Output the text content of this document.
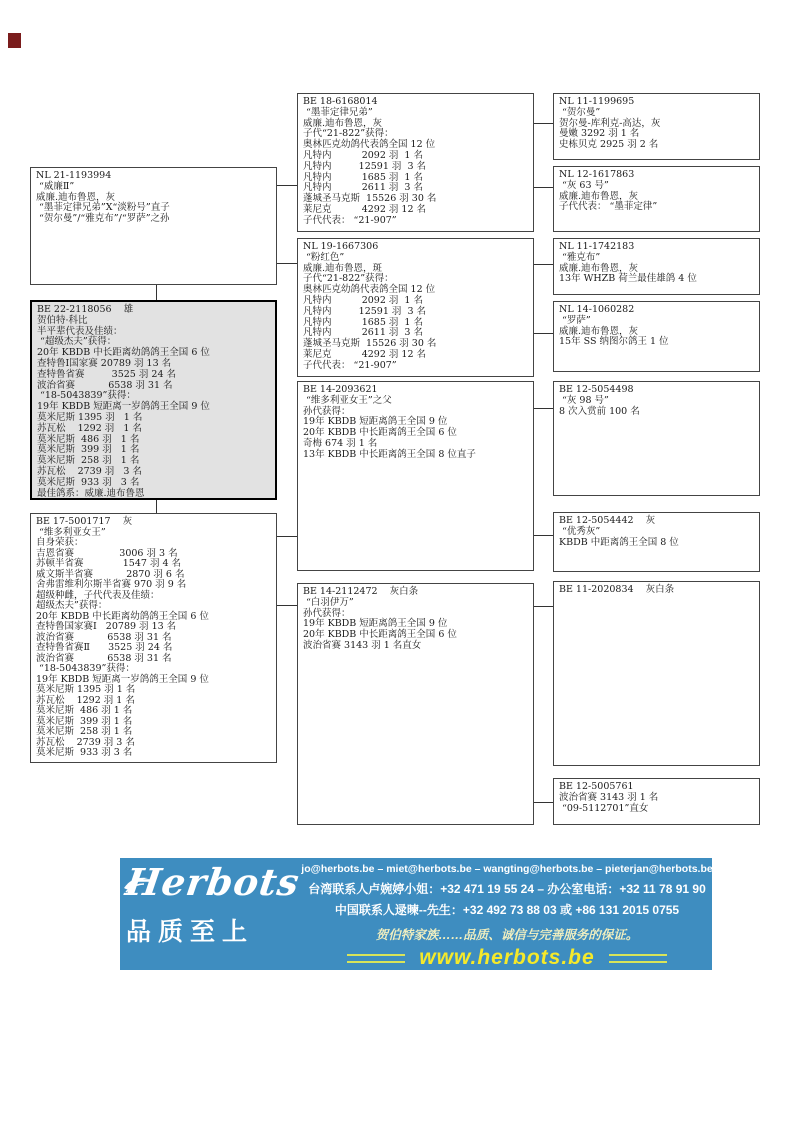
NL 21-1193994
“威廉Ⅱ”
威廉.迪布鲁恩，灰
“墨菲定律兄弟”X“淡粉号”直子
“贺尔曼”/“雅克布”/“罗萨”之孙
BE 22-2118056    雄
贺伯特·科比
半平辈代表及佳绩：
“超级杰夫”获得：
20年 KBDB 中长距离幼鸽鸽王全国 6 位
查特鲁Ⅰ国家赛 20789 羽 13 名
查特鲁省赛         3525 羽 24 名
波治省赛           6538 羽 31 名
“18-5043839”获得：
19年 KBDB 短距离一岁鸽鸽王全国 9 位
莫米尼斯 1395 羽   1 名
苏瓦松    1292 羽   1 名
莫米尼斯  486 羽   1 名
莫米尼斯  399 羽   1 名
莫米尼斯  258 羽   1 名
苏瓦松    2739 羽   3 名
莫米尼斯  933 羽   3 名
最佳鸽系：威廉.迪布鲁恩
BE 17-5001717    灰
“维多利亚女王”
自身荣获：
吉恩省赛               3006 羽 3 名
苏顿半省赛             1547 羽 4 名
威文斯半省赛           2870 羽 6 名
舍弗雷维利尔斯半省赛 970 羽 9 名
超级种雌，子代代表及佳绩：
超级杰夫”获得：
20年 KBDB 中长距离幼鸽鸽王全国 6 位
查特鲁国家赛Ⅰ   20789 羽 13 名
波治省赛           6538 羽 31 名
查特鲁省赛Ⅱ      3525 羽 24 名
波治省赛           6538 羽 31 名
“18-5043839”获得：
19年 KBDB 短距离一岁鸽鸽王全国 9 位
莫米尼斯 1395 羽 1 名
苏瓦松    1292 羽 1 名
莫米尼斯  486 羽 1 名
莫米尼斯  399 羽 1 名
莫米尼斯  258 羽 1 名
苏瓦松    2739 羽 3 名
莫米尼斯  933 羽 3 名
BE 18-6168014
“墨菲定律兄弟”
威廉.迪布鲁恩，灰
子代“21-822”获得：
奥林匹克幼鸽代表鸽全国 12 位
凡特内          2092 羽  1 名
凡特内         12591 羽  3 名
凡特内          1685 羽  1 名
凡特内          2611 羽  3 名
蓬城圣马克斯  15526 羽 30 名
莱尼克          4292 羽 12 名
子代代表： “21-907”
NL 19-1667306
“粉红色”
威廉.迪布鲁恩，斑
子代“21-822”获得：
奥林匹克幼鸽代表鸽全国 12 位
凡特内          2092 羽  1 名
凡特内         12591 羽  3 名
凡特内          1685 羽  1 名
凡特内          2611 羽  3 名
蓬城圣马克斯  15526 羽 30 名
莱尼克          4292 羽 12 名
子代代表： “21-907”
BE 14-2093621
“维多利亚女王”之父
孙代获得：
19年 KBDB 短距离鸽王全国 9 位
20年 KBDB 中长距离鸽王全国 6 位
奇梅 674 羽 1 名
13年 KBDB 中长距离鸽王全国 8 位直子
BE 14-2112472    灰白条
“白羽伊万”
孙代获得：
19年 KBDB 短距离鸽王全国 9 位
20年 KBDB 中长距离鸽王全国 6 位
波治省赛 3143 羽 1 名直女
NL 11-1199695
“贺尔曼”
贺尔曼-库利克-高达，灰
曼嫩 3292 羽 1 名
史栋贝克 2925 羽 2 名
NL 12-1617863
“灰 63 号”
威廉.迪布鲁恩，灰
子代代表： “墨菲定律”
NL 11-1742183
“雅克布”
威廉.迪布鲁恩，灰
13年 WHZB 荷兰最佳雄鸽 4 位
NL 14-1060282
“罗萨”
威廉.迪布鲁恩，灰
15年 SS 纳图尔鸽王 1 位
BE 12-5054498
“灰 98 号”
8 次入赏前 100 名
BE 12-5054442    灰
“优秀灰”
KBDB 中距离鸽王全国 8 位
BE 11-2020834    灰白条
BE 12-5005761
波治省赛 3143 羽 1 名
“09-5112701”直女
Herbots
品质至上
jo@herbots.be – miet@herbots.be – wangting@herbots.be – pieterjan@herbots.be
台湾联系人卢婉婷小姐：+32 471 19 55 24 – 办公室电话：+32 11 78 91 90
中国联系人逯暕--先生：+32 492 73 88 03 或 +86 131 2015 0755
贺伯特家族……品质、诚信与完善服务的保证。
www.herbots.be
